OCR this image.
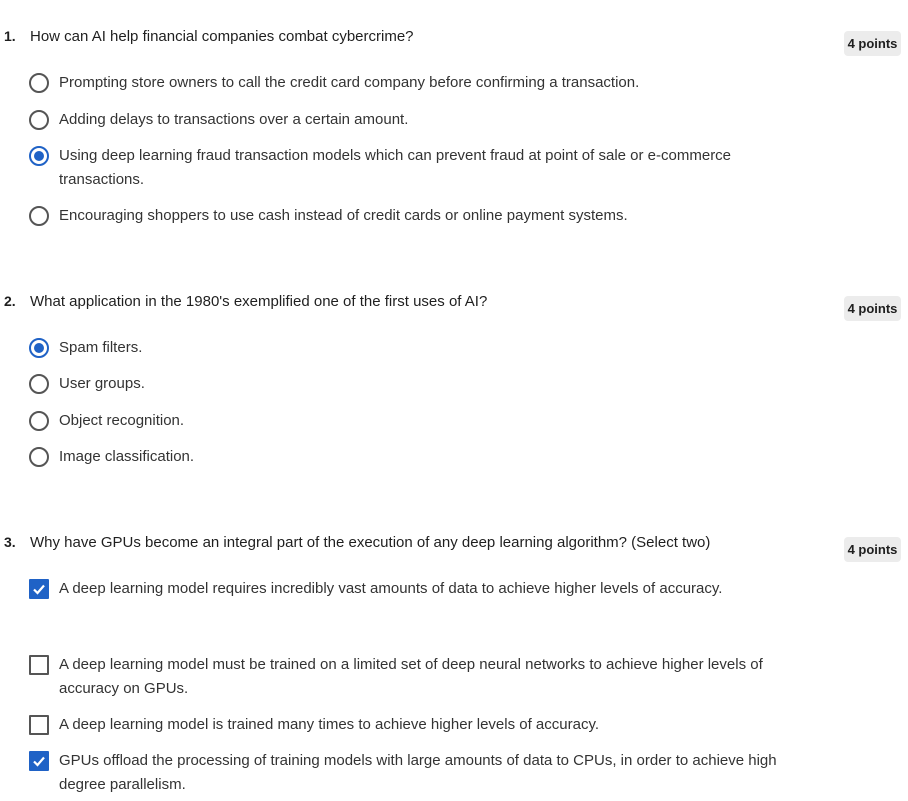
1. How can AI help financial companies combat cybercrime?	4 points
Prompting store owners to call the credit card company before confirming a transaction.
Adding delays to transactions over a certain amount.
Using deep learning fraud transaction models which can prevent fraud at point of sale or e-commerce transactions.
Encouraging shoppers to use cash instead of credit cards or online payment systems.
2. What application in the 1980's exemplified one of the first uses of AI?	4 points
Spam filters.
User groups.
Object recognition.
Image classification.
3. Why have GPUs become an integral part of the execution of any deep learning algorithm? (Select two)	4 points
A deep learning model requires incredibly vast amounts of data to achieve higher levels of accuracy.
A deep learning model must be trained on a limited set of deep neural networks to achieve higher levels of accuracy on GPUs.
A deep learning model is trained many times to achieve higher levels of accuracy.
GPUs offload the processing of training models with large amounts of data to CPUs, in order to achieve high degree parallelism.
